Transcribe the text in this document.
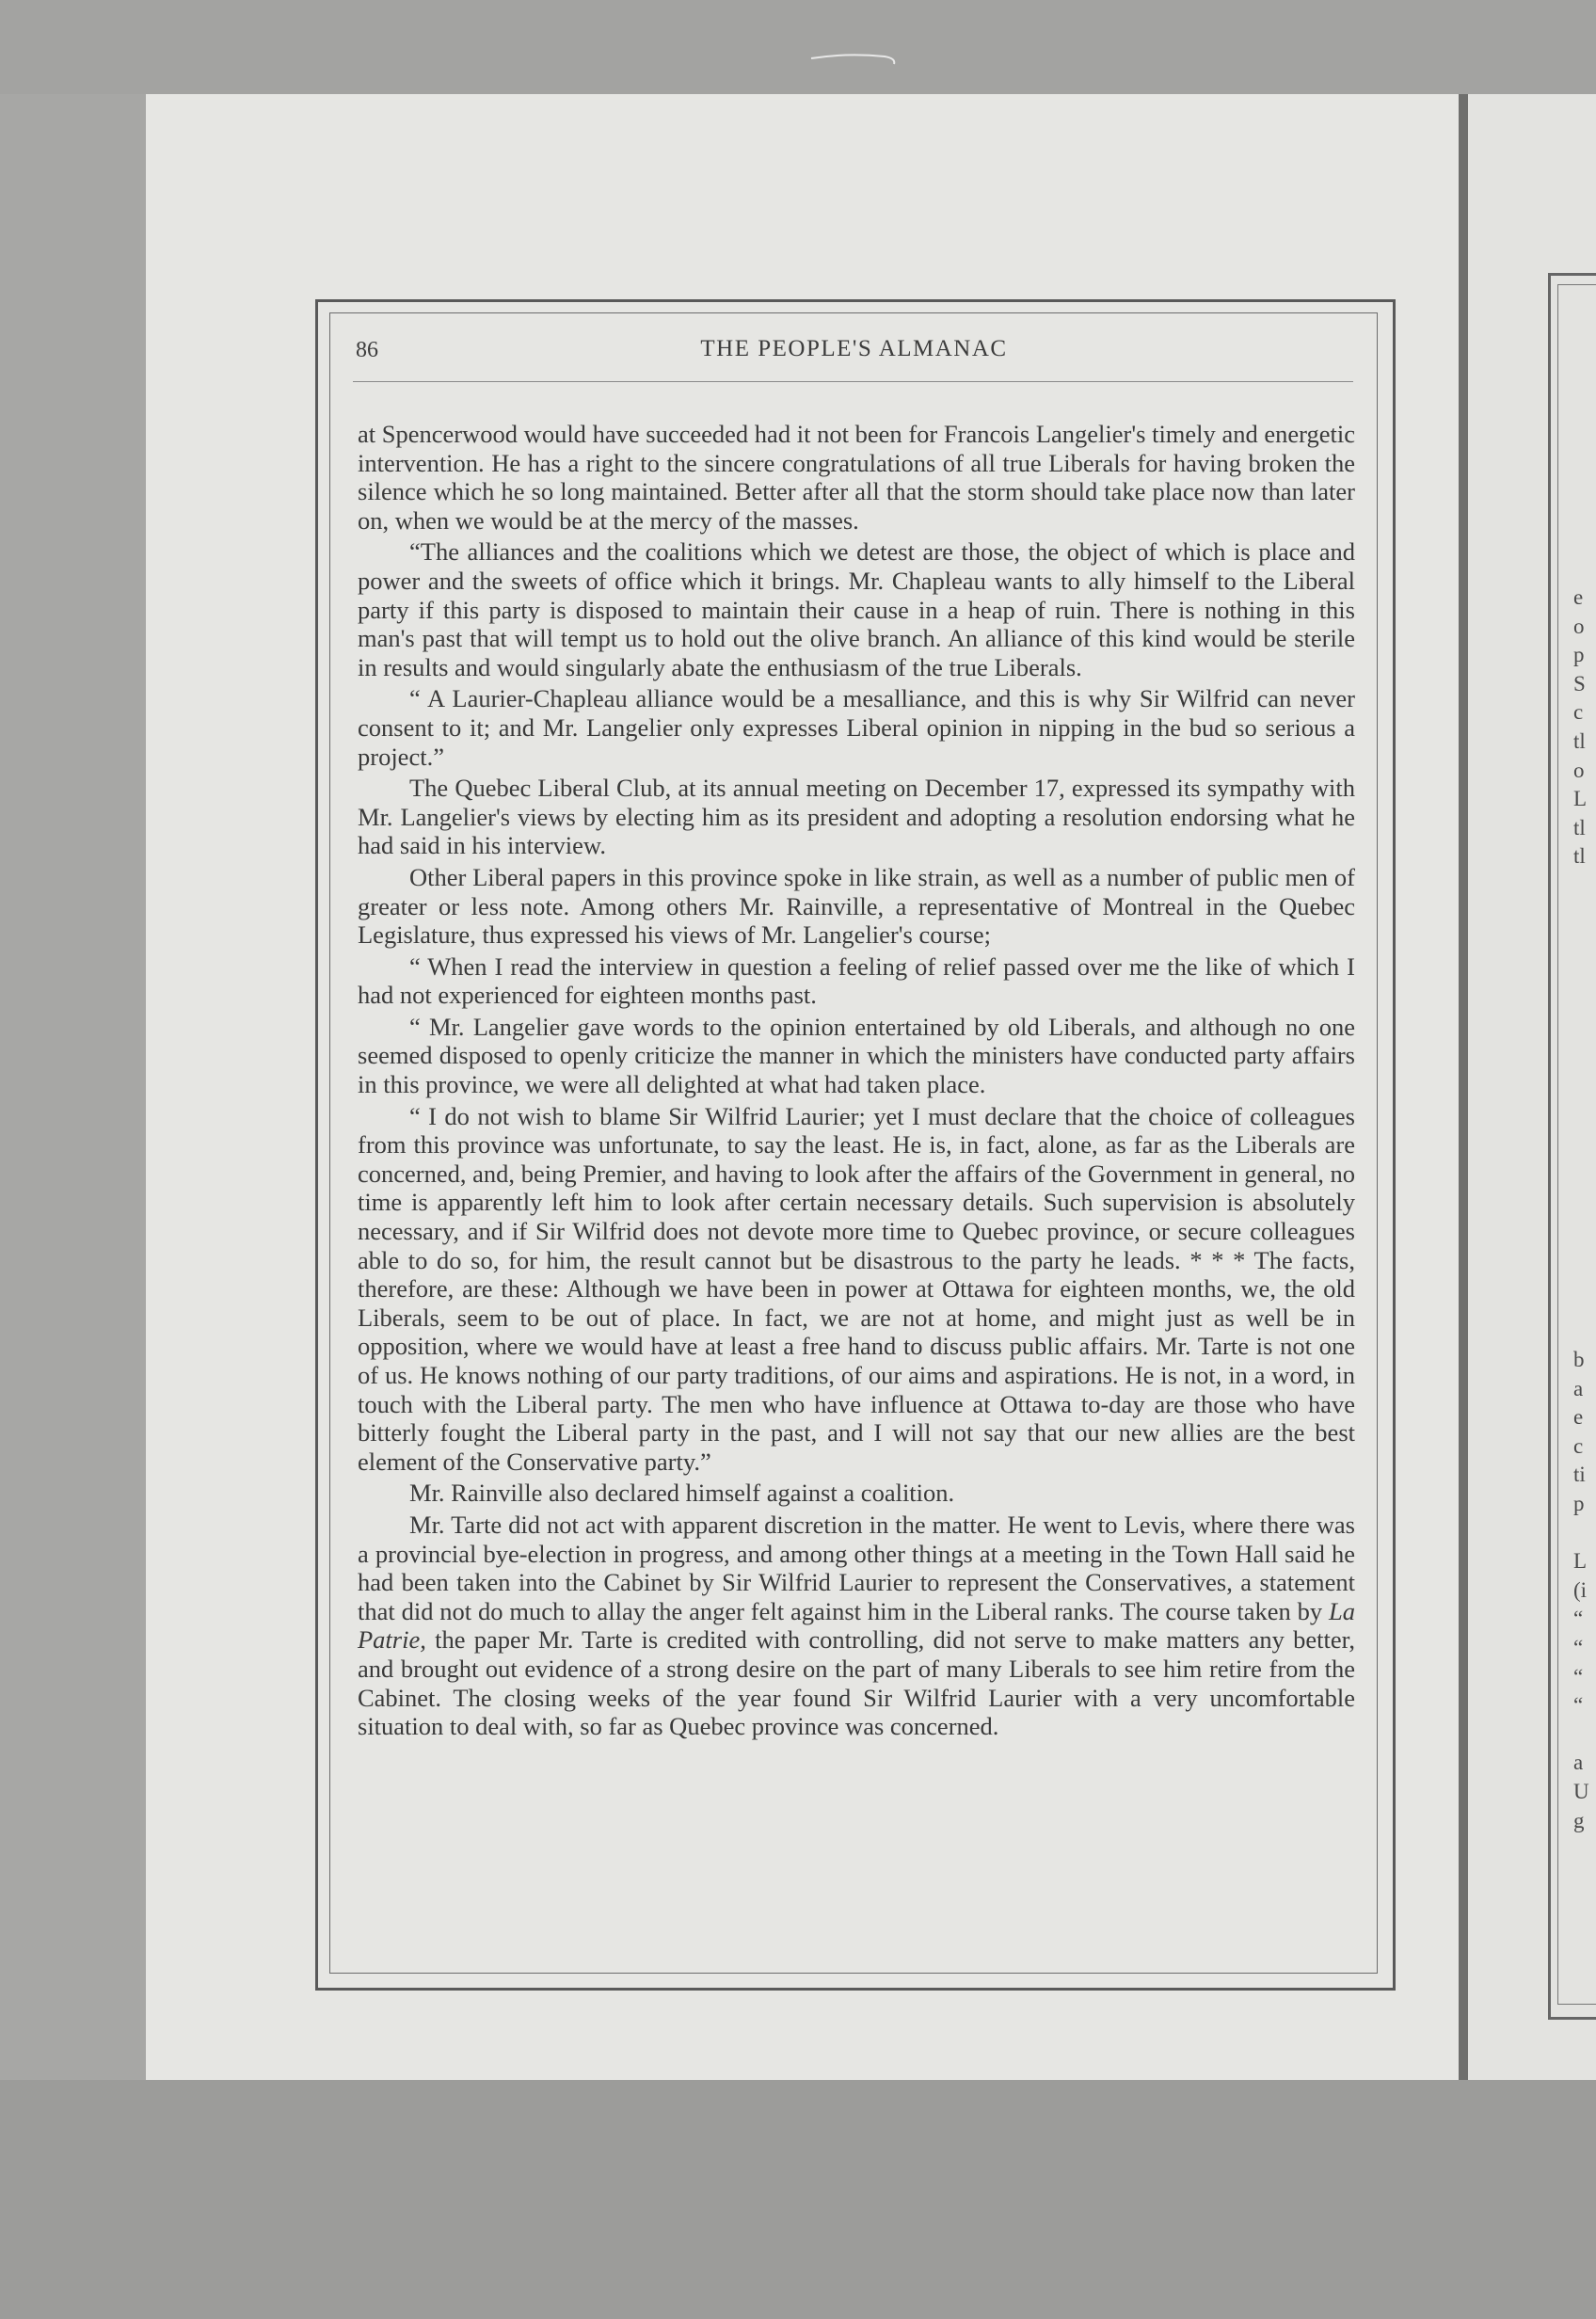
e
o
p
S
c
tl
o
L
tl
tl
b
a
e
c
ti
p

L
(i
“
“
“
“

a
U
g
86	THE PEOPLE'S ALMANAC

at Spencerwood would have succeeded had it not been for Francois Langelier's timely and energetic intervention. He has a right to the sincere congratulations of all true Liberals for having broken the silence which he so long maintained. Better after all that the storm should take place now than later on, when we would be at the mercy of the masses.

“The alliances and the coalitions which we detest are those, the object of which is place and power and the sweets of office which it brings. Mr. Chapleau wants to ally himself to the Liberal party if this party is disposed to maintain their cause in a heap of ruin. There is nothing in this man's past that will tempt us to hold out the olive branch. An alliance of this kind would be sterile in results and would singularly abate the enthusiasm of the true Liberals.

“ A Laurier-Chapleau alliance would be a mesalliance, and this is why Sir Wilfrid can never consent to it; and Mr. Langelier only expresses Liberal opinion in nipping in the bud so serious a project.”

The Quebec Liberal Club, at its annual meeting on December 17, expressed its sympathy with Mr. Langelier's views by electing him as its president and adopting a resolution endorsing what he had said in his interview.

Other Liberal papers in this province spoke in like strain, as well as a number of public men of greater or less note. Among others Mr. Rainville, a representative of Montreal in the Quebec Legislature, thus expressed his views of Mr. Langelier's course;

“ When I read the interview in question a feeling of relief passed over me the like of which I had not experienced for eighteen months past.

“ Mr. Langelier gave words to the opinion entertained by old Liberals, and although no one seemed disposed to openly criticize the manner in which the ministers have conducted party affairs in this province, we were all delighted at what had taken place.

“ I do not wish to blame Sir Wilfrid Laurier; yet I must declare that the choice of colleagues from this province was unfortunate, to say the least. He is, in fact, alone, as far as the Liberals are concerned, and, being Premier, and having to look after the affairs of the Government in general, no time is apparently left him to look after certain necessary details. Such supervision is absolutely necessary, and if Sir Wilfrid does not devote more time to Quebec province, or secure colleagues able to do so, for him, the result cannot but be disastrous to the party he leads. * * * The facts, therefore, are these: Although we have been in power at Ottawa for eighteen months, we, the old Liberals, seem to be out of place. In fact, we are not at home, and might just as well be in opposition, where we would have at least a free hand to discuss public affairs. Mr. Tarte is not one of us. He knows nothing of our party traditions, of our aims and aspirations. He is not, in a word, in touch with the Liberal party. The men who have influence at Ottawa to-day are those who have bitterly fought the Liberal party in the past, and I will not say that our new allies are the best element of the Conservative party.”

Mr. Rainville also declared himself against a coalition.

Mr. Tarte did not act with apparent discretion in the matter. He went to Levis, where there was a provincial bye-election in progress, and among other things at a meeting in the Town Hall said he had been taken into the Cabinet by Sir Wilfrid Laurier to represent the Conservatives, a statement that did not do much to allay the anger felt against him in the Liberal ranks. The course taken by La Patrie, the paper Mr. Tarte is credited with controlling, did not serve to make matters any better, and brought out evidence of a strong desire on the part of many Liberals to see him retire from the Cabinet. The closing weeks of the year found Sir Wilfrid Laurier with a very uncomfortable situation to deal with, so far as Quebec province was concerned.
